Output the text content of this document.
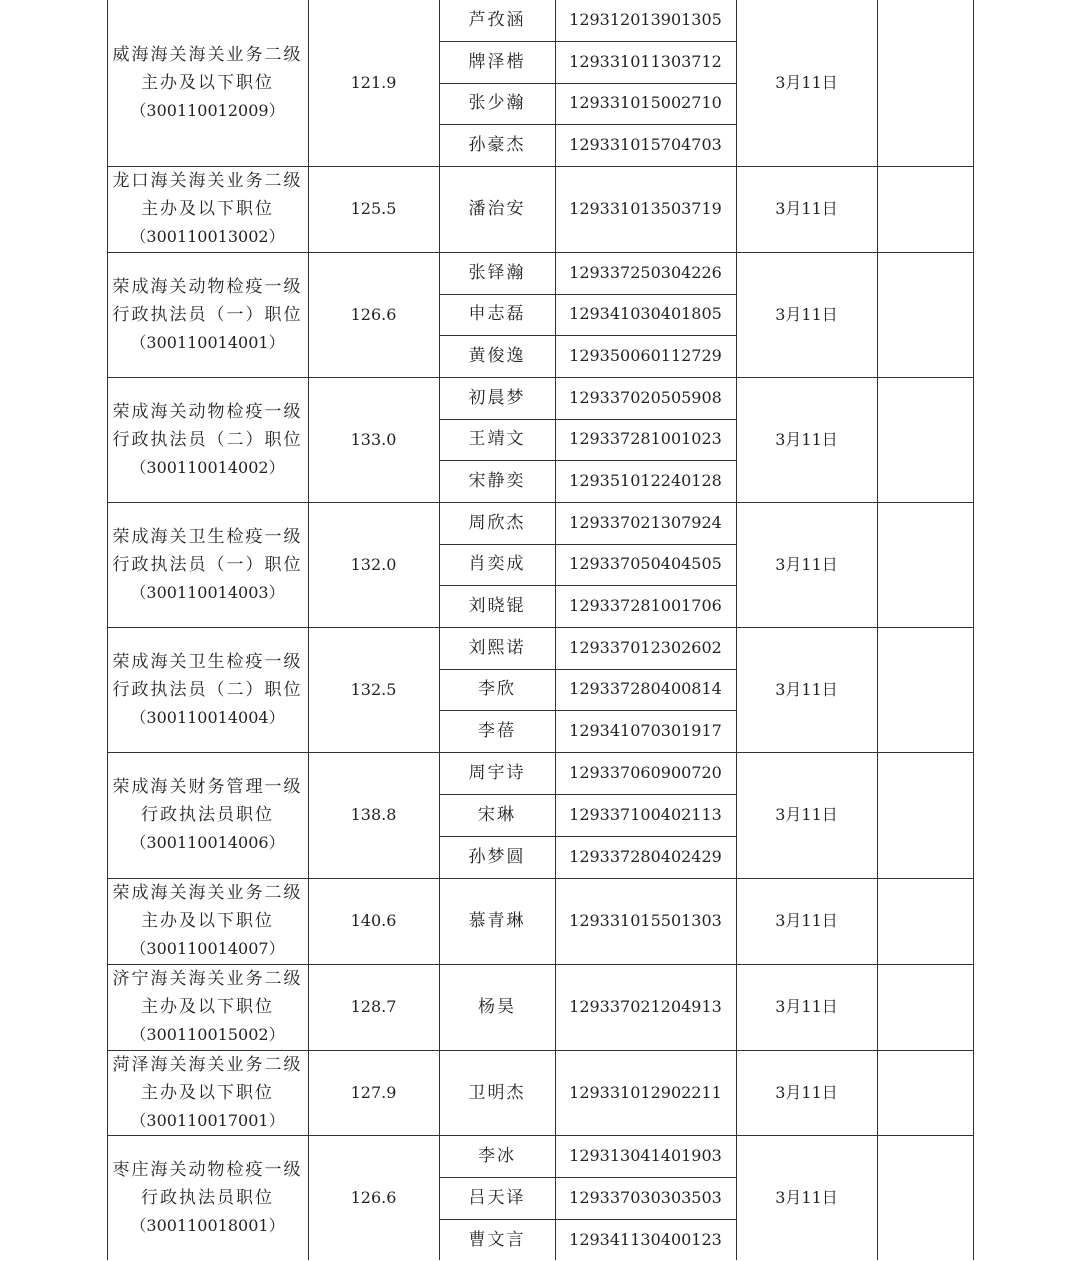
威海海关海关业务二级
主办及以下职位
（300110012009）
121.9	3月11日
芦孜涵	129312013901305
牌泽楷	129331011303712
张少瀚	129331015002710
孙豪杰	129331015704703
龙口海关海关业务二级
主办及以下职位
（300110013002）
125.5	3月11日
潘治安	129331013503719
荣成海关动物检疫一级
行政执法员（一）职位
（300110014001）
126.6	3月11日
张铎瀚	129337250304226
申志磊	129341030401805
黄俊逸	129350060112729
荣成海关动物检疫一级
行政执法员（二）职位
（300110014002）
133.0	3月11日
初晨梦	129337020505908
王靖文	129337281001023
宋静奕	129351012240128
荣成海关卫生检疫一级
行政执法员（一）职位
（300110014003）
132.0	3月11日
周欣杰	129337021307924
肖奕成	129337050404505
刘晓锟	129337281001706
荣成海关卫生检疫一级
行政执法员（二）职位
（300110014004）
132.5	3月11日
刘熙诺	129337012302602
李欣	129337280400814
李蓓	129341070301917
荣成海关财务管理一级
行政执法员职位
（300110014006）
138.8	3月11日
周宇诗	129337060900720
宋琳	129337100402113
孙梦圆	129337280402429
荣成海关海关业务二级
主办及以下职位
（300110014007）
140.6	3月11日
慕青琳	129331015501303
济宁海关海关业务二级
主办及以下职位
（300110015002）
128.7	3月11日
杨昊	129337021204913
菏泽海关海关业务二级
主办及以下职位
（300110017001）
127.9	3月11日
卫明杰	129331012902211
枣庄海关动物检疫一级
行政执法员职位
（300110018001）
126.6	3月11日
李冰	129313041401903
吕天译	129337030303503
曹文言	129341130400123
